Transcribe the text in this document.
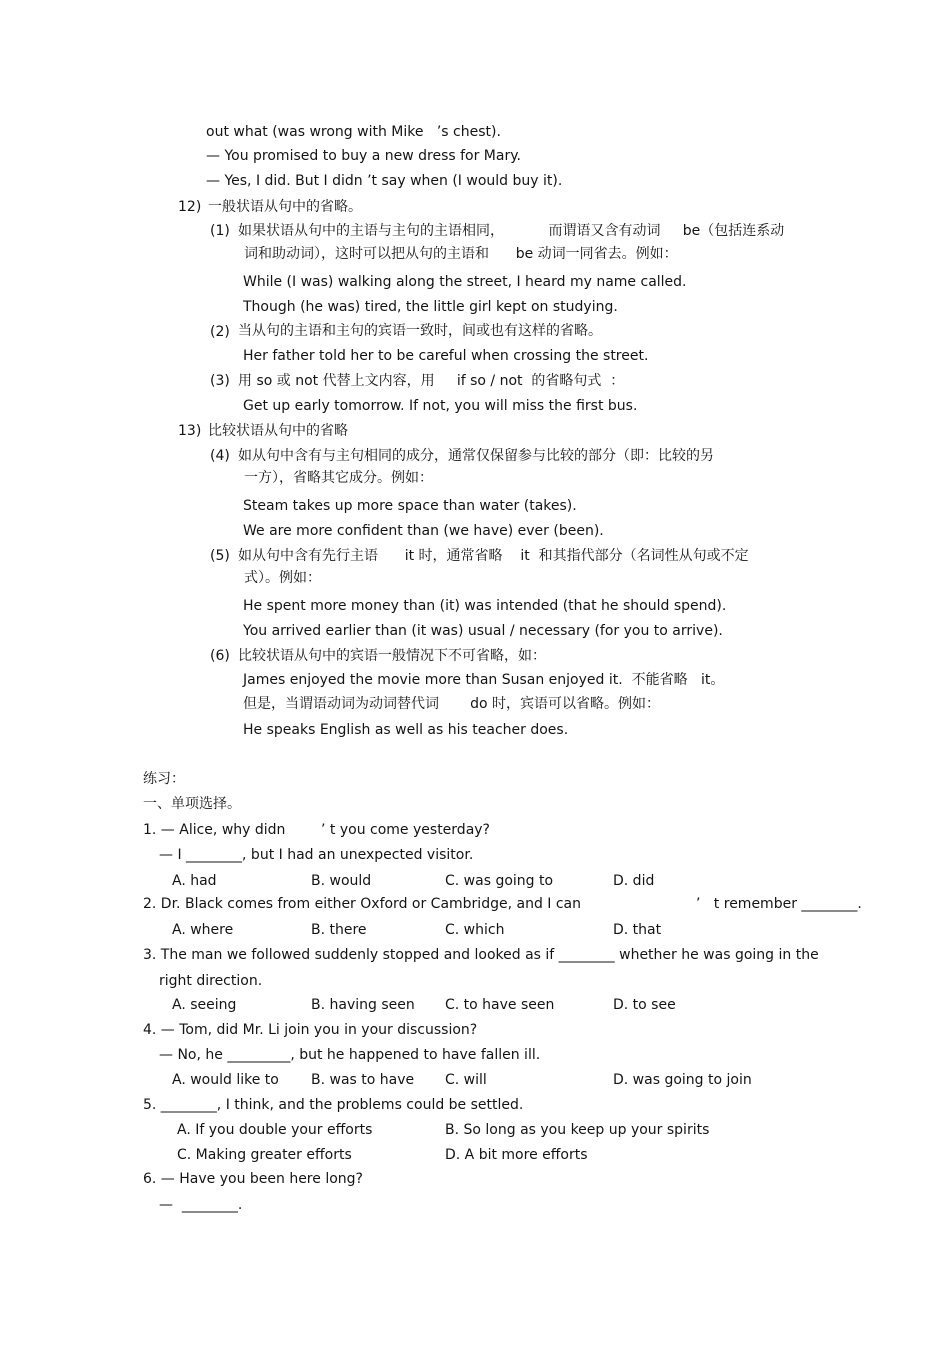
out what (was wrong with Mike   ’s chest).
— You promised to buy a new dress for Mary.
— Yes, I did. But I didn ’t say when (I would buy it).
12) 一般状语从句中的省略。
(1) 如果状语从句中的主语与主句的主语相同，          而谓语又含有动词     be（包括连系动
词和助动词），这时可以把从句的主语和      be 动词一同省去。例如：
While (I was) walking along the street, I heard my name called.
Though (he was) tired, the little girl kept on studying.
(2) 当从句的主语和主句的宾语一致时，间或也有这样的省略。
Her father told her to be careful when crossing the street.
(3) 用 so 或 not 代替上文内容，用     if so / not  的省略句式  ：
Get up early tomorrow. If not, you will miss the first bus.
13) 比较状语从句中的省略
(4) 如从句中含有与主句相同的成分，通常仅保留参与比较的部分（即：比较的另
一方），省略其它成分。例如：
Steam takes up more space than water (takes).
We are more confident than (we have) ever (been).
(5) 如从句中含有先行主语      it 时，通常省略    it  和其指代部分（名词性从句或不定
式）。例如：
He spent more money than (it) was intended (that he should spend).
You arrived earlier than (it was) usual / necessary (for you to arrive).
(6) 比较状语从句中的宾语一般情况下不可省略，如：
James enjoyed the movie more than Susan enjoyed it.  不能省略   it。
但是，当谓语动词为动词替代词       do 时，宾语可以省略。例如：
He speaks English as well as his teacher does.
练习：
一、单项选择。
1. — Alice, why didn        ’ t you come yesterday?
— I ________, but I had an unexpected visitor.
A. had	B. would	C. was going to	D. did
2. Dr. Black comes from either Oxford or Cambridge, and I can	’   t remember ________.
A. where	B. there	C. which	D. that
3. The man we followed suddenly stopped and looked as if ________ whether he was going in the
right direction.
A. seeing	B. having seen C. to have seen	D. to see
4. — Tom, did Mr. Li join you in your discussion?
— No, he _________, but he happened to have fallen ill.
A. would like to B. was to have C. will	D. was going to join
5. ________, I think, and the problems could be settled.
A. If you double your efforts	B. So long as you keep up your spirits
C. Making greater efforts	D. A bit more efforts
6. — Have you been here long?
—  ________.
